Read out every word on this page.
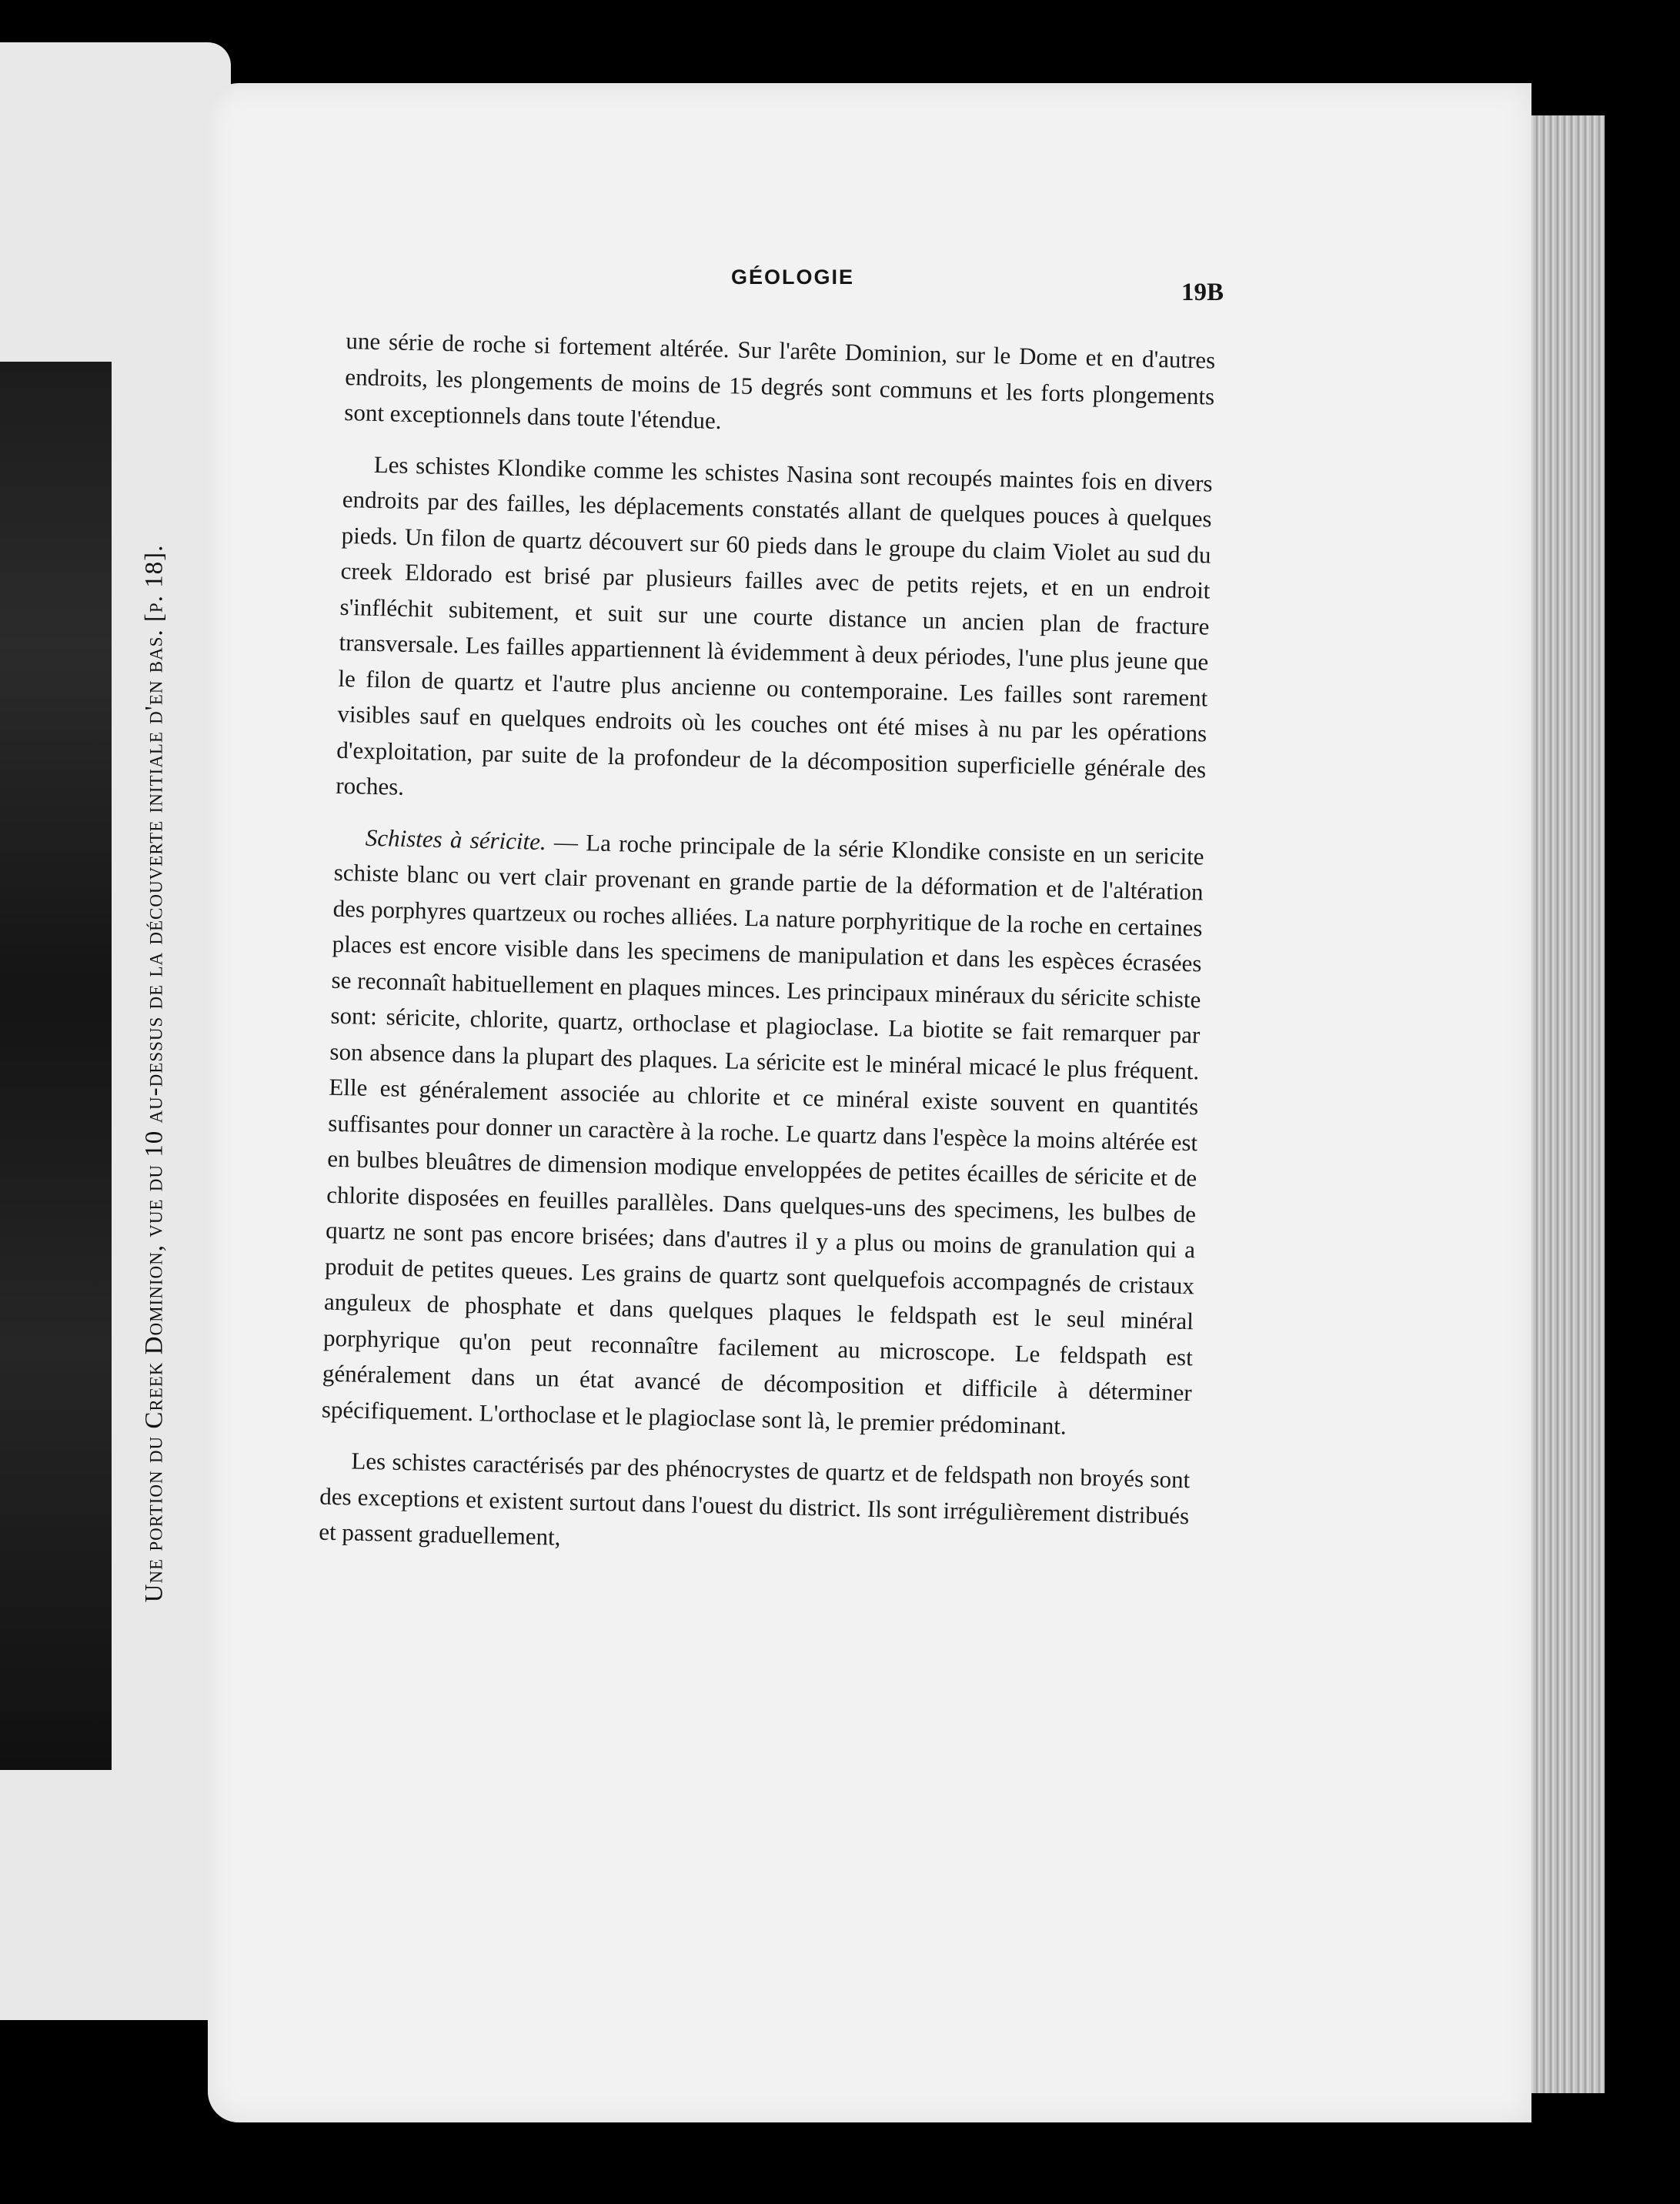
Une portion du Creek Dominion, vue du 10 au-dessus de la découverte initiale d'en bas. [p. 18].
GÉOLOGIE
19B

une série de roche si fortement altérée. Sur l'arête Dominion, sur le Dome et en d'autres endroits, les plongements de moins de 15 degrés sont communs et les forts plongements sont exceptionnels dans toute l'étendue.

Les schistes Klondike comme les schistes Nasina sont recoupés maintes fois en divers endroits par des failles, les déplacements constatés allant de quelques pouces à quelques pieds. Un filon de quartz découvert sur 60 pieds dans le groupe du claim Violet au sud du creek Eldorado est brisé par plusieurs failles avec de petits rejets, et en un endroit s'infléchit subitement, et suit sur une courte distance un ancien plan de fracture transversale. Les failles appartiennent là évidemment à deux périodes, l'une plus jeune que le filon de quartz et l'autre plus ancienne ou contemporaine. Les failles sont rarement visibles sauf en quelques endroits où les couches ont été mises à nu par les opérations d'exploitation, par suite de la profondeur de la décomposition superficielle générale des roches.

Schistes à séricite. — La roche principale de la série Klondike consiste en un sericite schiste blanc ou vert clair provenant en grande partie de la déformation et de l'altération des porphyres quartzeux ou roches alliées. La nature porphyritique de la roche en certaines places est encore visible dans les specimens de manipulation et dans les espèces écrasées se reconnaît habituellement en plaques minces. Les principaux minéraux du séricite schiste sont: séricite, chlorite, quartz, orthoclase et plagioclase. La biotite se fait remarquer par son absence dans la plupart des plaques. La séricite est le minéral micacé le plus fréquent. Elle est généralement associée au chlorite et ce minéral existe souvent en quantités suffisantes pour donner un caractère à la roche. Le quartz dans l'espèce la moins altérée est en bulbes bleuâtres de dimension modique enveloppées de petites écailles de séricite et de chlorite disposées en feuilles parallèles. Dans quelques-uns des specimens, les bulbes de quartz ne sont pas encore brisées; dans d'autres il y a plus ou moins de granulation qui a produit de petites queues. Les grains de quartz sont quelquefois accompagnés de cristaux anguleux de phosphate et dans quelques plaques le feldspath est le seul minéral porphyrique qu'on peut reconnaître facilement au microscope. Le feldspath est généralement dans un état avancé de décomposition et difficile à déterminer spécifiquement. L'orthoclase et le plagioclase sont là, le premier prédominant.

Les schistes caractérisés par des phénocrystes de quartz et de feldspath non broyés sont des exceptions et existent surtout dans l'ouest du district. Ils sont irrégulièrement distribués et passent graduellement,
